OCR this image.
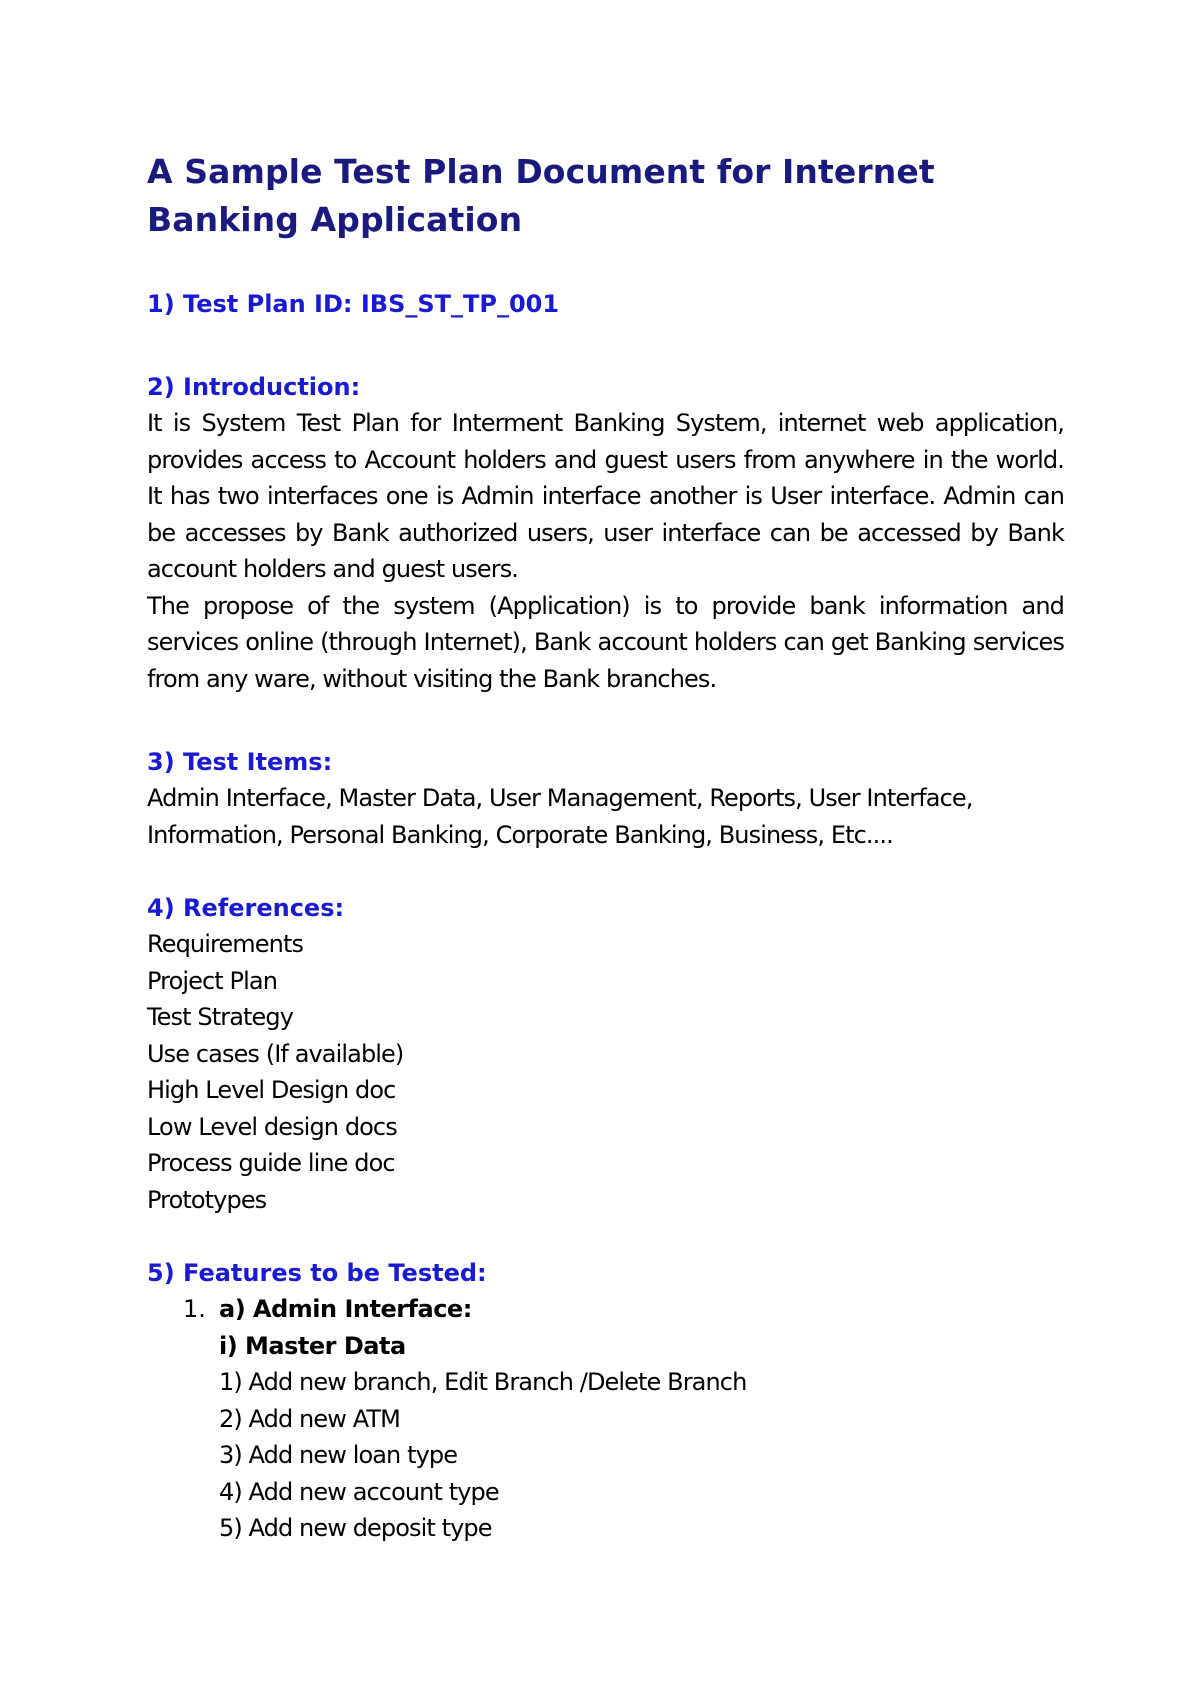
A Sample Test Plan Document for Internet Banking Application
1) Test Plan ID: IBS_ST_TP_001
2) Introduction:

It is System Test Plan for Interment Banking System, internet web application, provides access to Account holders and guest users from anywhere in the world. It has two interfaces one is Admin interface another is User interface. Admin can be accesses by Bank authorized users, user interface can be accessed by Bank account holders and guest users.

The propose of the system (Application) is to provide bank information and services online (through Internet), Bank account holders can get Banking services from any ware, without visiting the Bank branches.

3) Test Items:

Admin Interface, Master Data, User Management, Reports, User Interface, Information, Personal Banking, Corporate Banking, Business, Etc....

4) References:
Requirements
Project Plan
Test Strategy
Use cases (If available)
High Level Design doc
Low Level design docs
Process guide line doc
Prototypes
5) Features to be Tested:
1. a) Admin Interface:
i) Master Data
1) Add new branch, Edit Branch /Delete Branch
2) Add new ATM
3) Add new loan type
4) Add new account type
5) Add new deposit type
